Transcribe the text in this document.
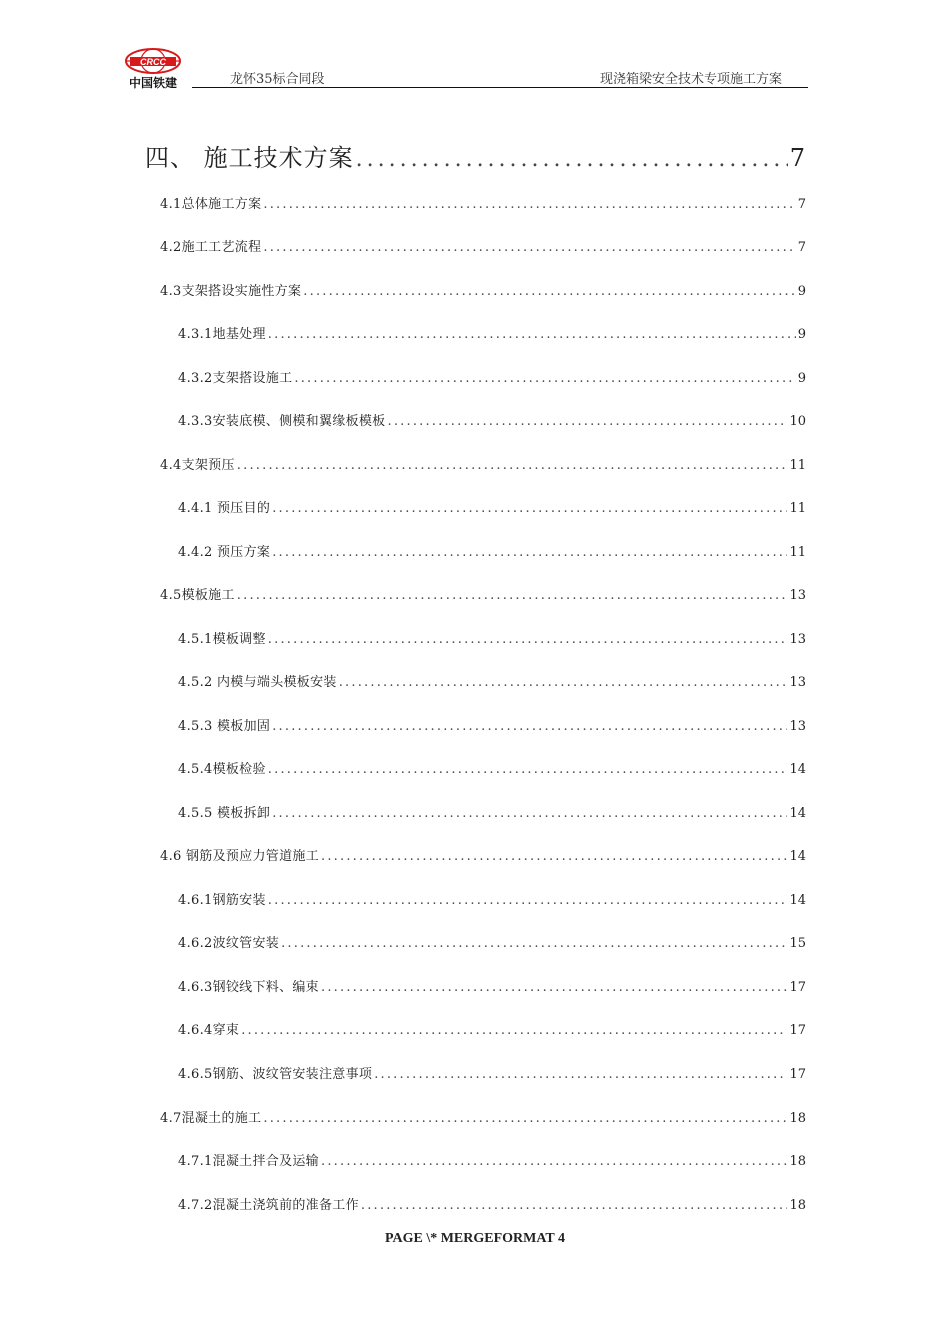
CRCC
中国铁建	龙怀35标合同段	现浇箱梁安全技术专项施工方案
四、 施工技术方案 .....	7
4.1总体施工方案 .....	7
4.2施工工艺流程 .....	7
4.3支架搭设实施性方案 .....	9
4.3.1地基处理 .....	9
4.3.2支架搭设施工 .....	9
4.3.3安装底模、侧模和翼缘板模板 .....	10
4.4支架预压 .....	11
4.4.1 预压目的 .....	11
4.4.2 预压方案 .....	11
4.5模板施工 .....	13
4.5.1模板调整 .....	13
4.5.2 内模与端头模板安装 .....	13
4.5.3 模板加固 .....	13
4.5.4模板检验 .....	14
4.5.5 模板拆卸 .....	14
4.6 钢筋及预应力管道施工 .....	14
4.6.1钢筋安装 .....	14
4.6.2波纹管安装 .....	15
4.6.3钢铰线下料、编束 .....	17
4.6.4穿束 .....	17
4.6.5钢筋、波纹管安装注意事项 .....	17
4.7混凝土的施工 .....	18
4.7.1混凝土拌合及运输 .....	18
4.7.2混凝土浇筑前的准备工作 .....	18
PAGE \* MERGEFORMAT 4
